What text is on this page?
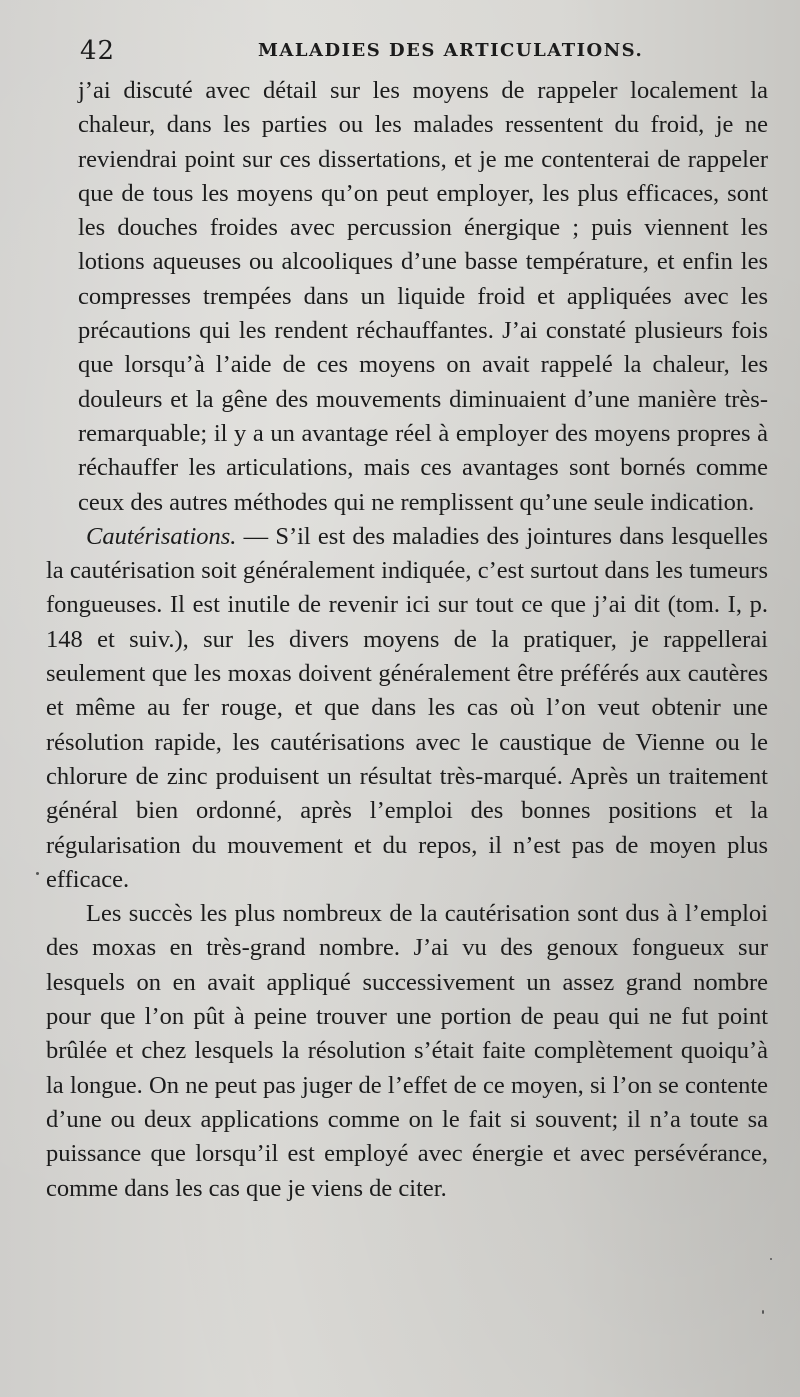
42	MALADIES DES ARTICULATIONS.

j’ai discuté avec détail sur les moyens de rappeler localement la chaleur, dans les parties ou les malades ressentent du froid, je ne reviendrai point sur ces dissertations, et je me contenterai de rappeler que de tous les moyens qu’on peut employer, les plus efficaces, sont les douches froides avec percussion énergique ; puis viennent les lotions aqueuses ou alcooliques d’une basse température, et enfin les compresses trempées dans un liquide froid et appliquées avec les précautions qui les rendent réchauffantes. J’ai constaté plusieurs fois que lorsqu’à l’aide de ces moyens on avait rappelé la chaleur, les douleurs et la gêne des mouvements diminuaient d’une manière très-remarquable; il y a un avantage réel à employer des moyens propres à réchauffer les articulations, mais ces avantages sont bornés comme ceux des autres méthodes qui ne remplissent qu’une seule indication.

Cautérisations. — S’il est des maladies des jointures dans lesquelles la cautérisation soit généralement indiquée, c’est surtout dans les tumeurs fongueuses. Il est inutile de revenir ici sur tout ce que j’ai dit (tom. I, p. 148 et suiv.), sur les divers moyens de la pratiquer, je rappellerai seulement que les moxas doivent généralement être préférés aux cautères et même au fer rouge, et que dans les cas où l’on veut obtenir une résolution rapide, les cautérisations avec le caustique de Vienne ou le chlorure de zinc produisent un résultat très-marqué. Après un traitement général bien ordonné, après l’emploi des bonnes positions et la régularisation du mouvement et du repos, il n’est pas de moyen plus efficace.

Les succès les plus nombreux de la cautérisation sont dus à l’emploi des moxas en très-grand nombre. J’ai vu des genoux fongueux sur lesquels on en avait appliqué successivement un assez grand nombre pour que l’on pût à peine trouver une portion de peau qui ne fut point brûlée et chez lesquels la résolution s’était faite complètement quoiqu’à la longue. On ne peut pas juger de l’effet de ce moyen, si l’on se contente d’une ou deux applications comme on le fait si souvent; il n’a toute sa puissance que lorsqu’il est employé avec énergie et avec persévérance, comme dans les cas que je viens de citer.
